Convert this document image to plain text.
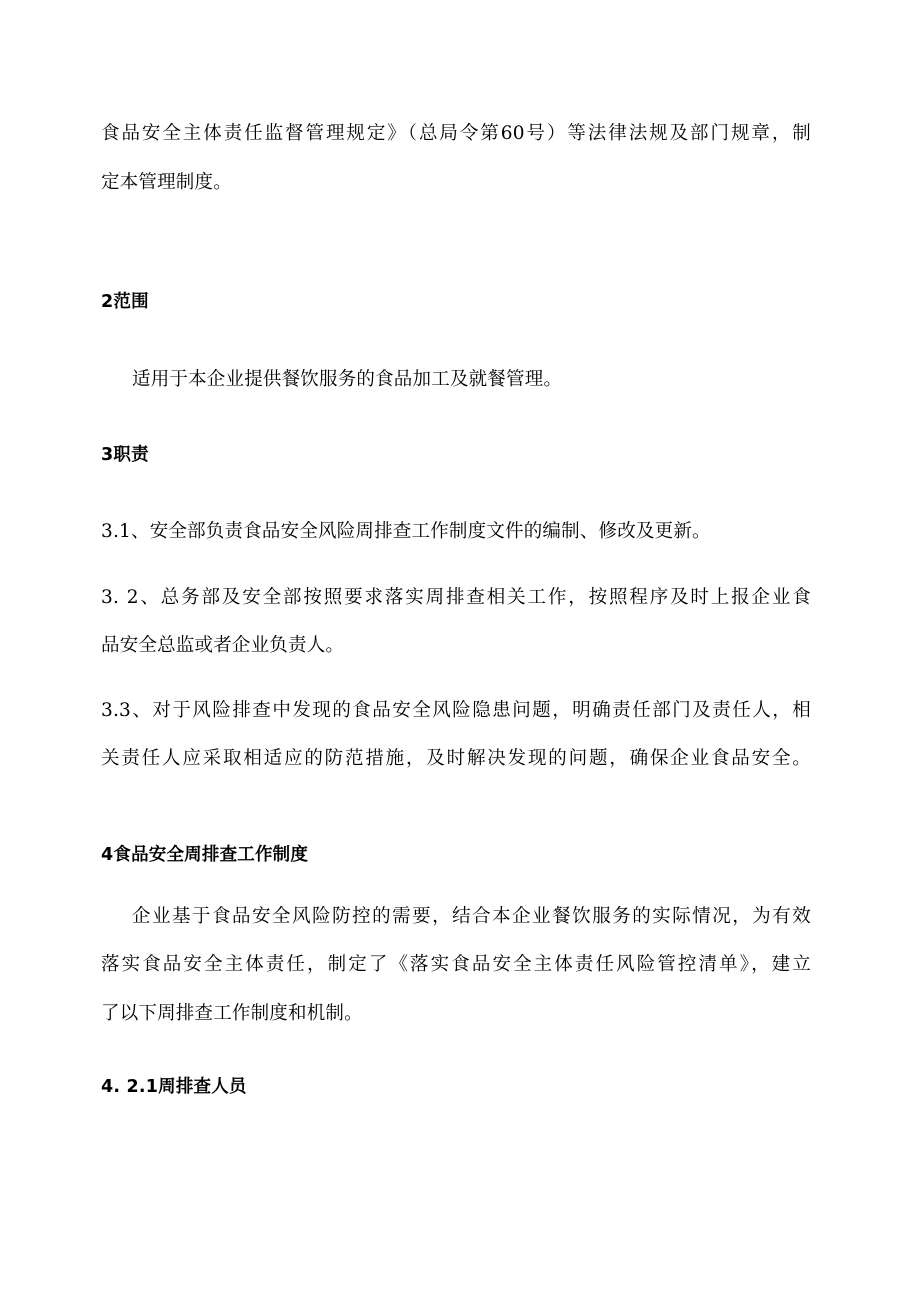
食品安全主体责任监督管理规定》（总局令第60号）等法律法规及部门规章，制

定本管理制度。

2范围

适用于本企业提供餐饮服务的食品加工及就餐管理。

3职责

3.1、安全部负责食品安全风险周排查工作制度文件的编制、修改及更新。

3. 2、总务部及安全部按照要求落实周排查相关工作，按照程序及时上报企业食

品安全总监或者企业负责人。

3.3、对于风险排查中发现的食品安全风险隐患问题，明确责任部门及责任人，相

关责任人应采取相适应的防范措施，及时解决发现的问题，确保企业食品安全。

4食品安全周排查工作制度

企业基于食品安全风险防控的需要，结合本企业餐饮服务的实际情况，为有效

落实食品安全主体责任，制定了《落实食品安全主体责任风险管控清单》，建立

了以下周排查工作制度和机制。

4. 2.1周排查人员
